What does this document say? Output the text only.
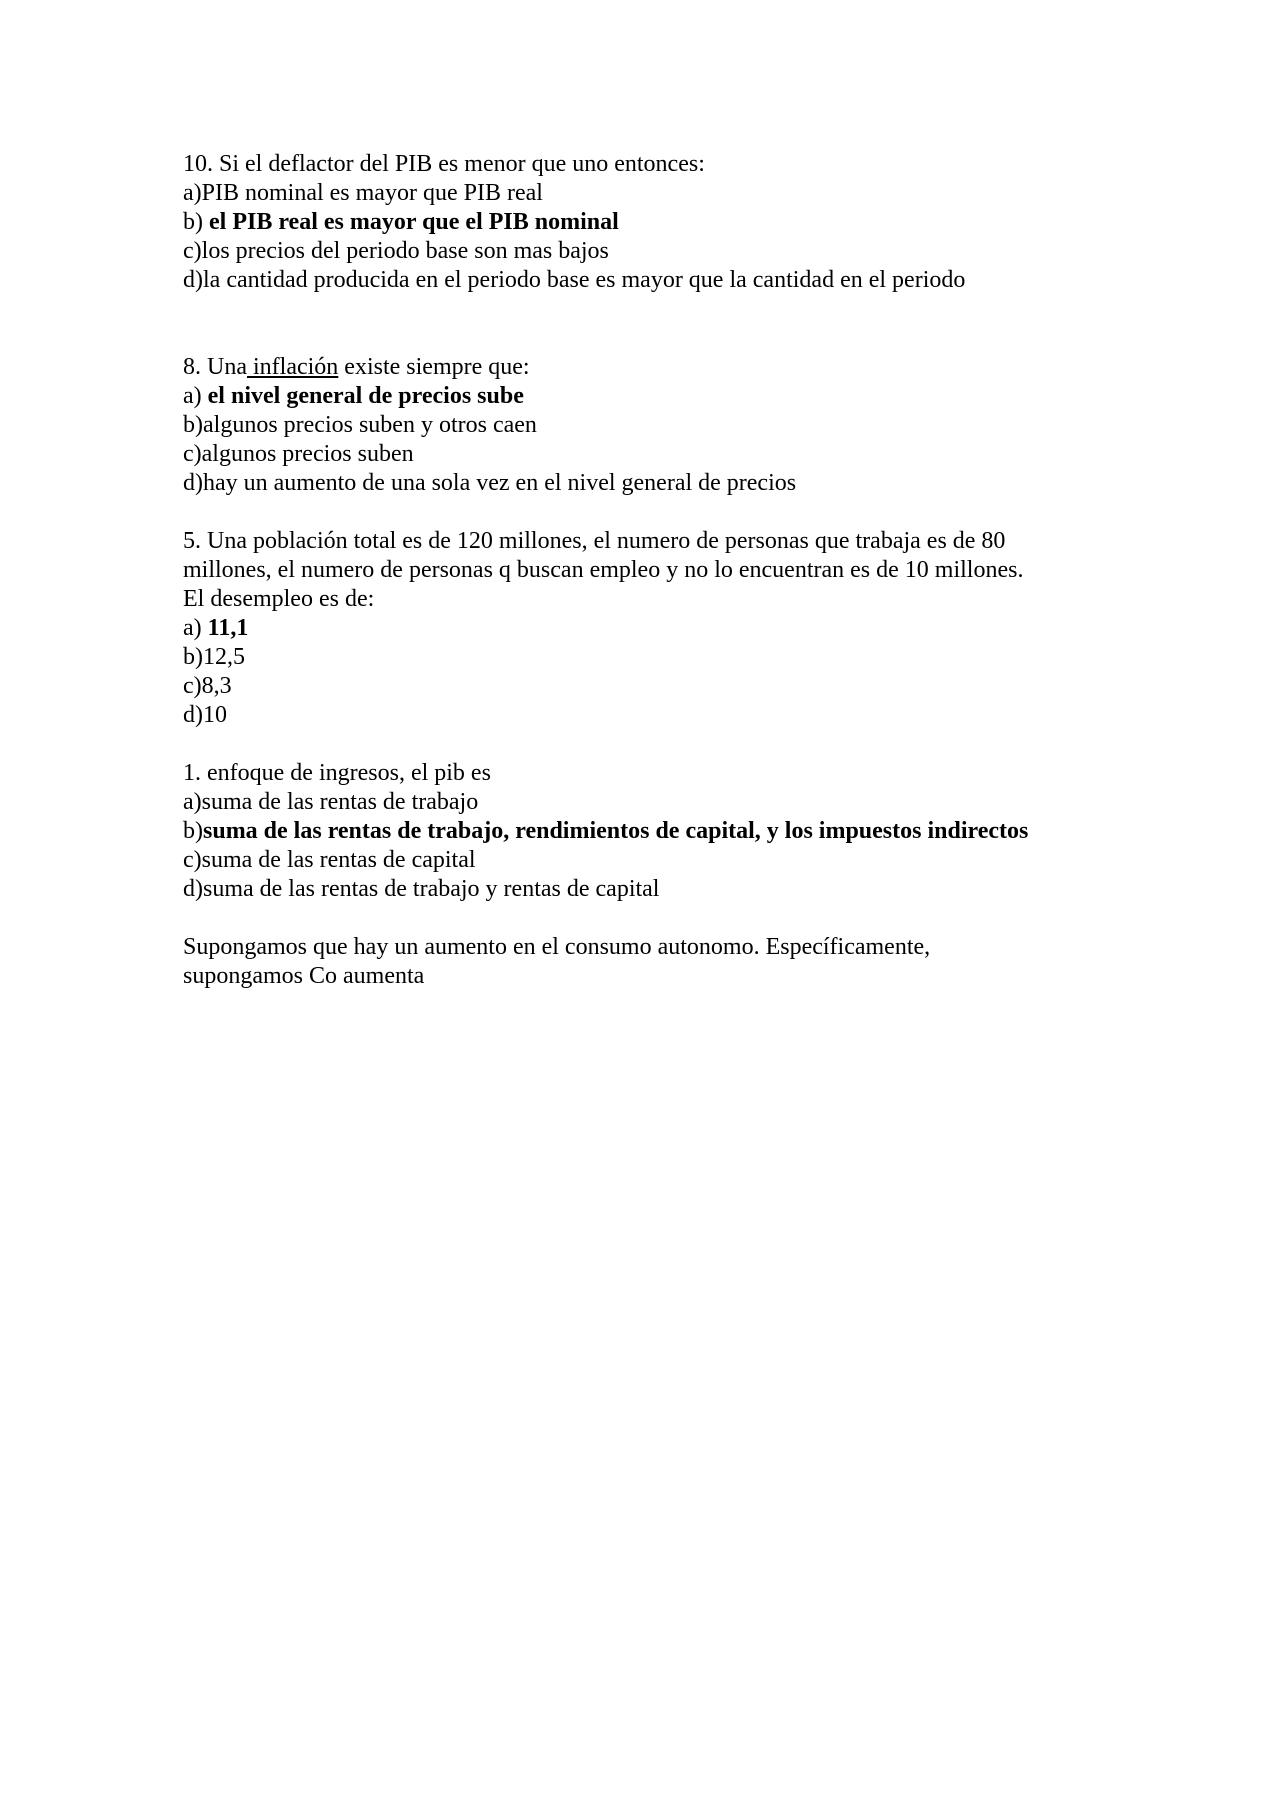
10. Si el deflactor del PIB es menor que uno entonces:
a)PIB nominal es mayor que PIB real
b) el PIB real es mayor que el PIB nominal
c)los precios del periodo base son mas bajos
d)la cantidad producida en el periodo base es mayor que la cantidad en el periodo
8. Una inflación existe siempre que:
a) el nivel general de precios sube
b)algunos precios suben y otros caen
c)algunos precios suben
d)hay un aumento de una sola vez en el nivel general de precios
5. Una población total es de 120 millones, el numero de personas que trabaja es de 80
millones, el numero de personas q buscan empleo y no lo encuentran es de 10 millones.
El desempleo es de:
a) 11,1
b)12,5
c)8,3
d)10
1. enfoque de ingresos, el pib es
a)suma de las rentas de trabajo
b)suma de las rentas de trabajo, rendimientos de capital, y los impuestos indirectos
c)suma de las rentas de capital
d)suma de las rentas de trabajo y rentas de capital
Supongamos que hay un aumento en el consumo autonomo. Específicamente,
supongamos Co aumenta
